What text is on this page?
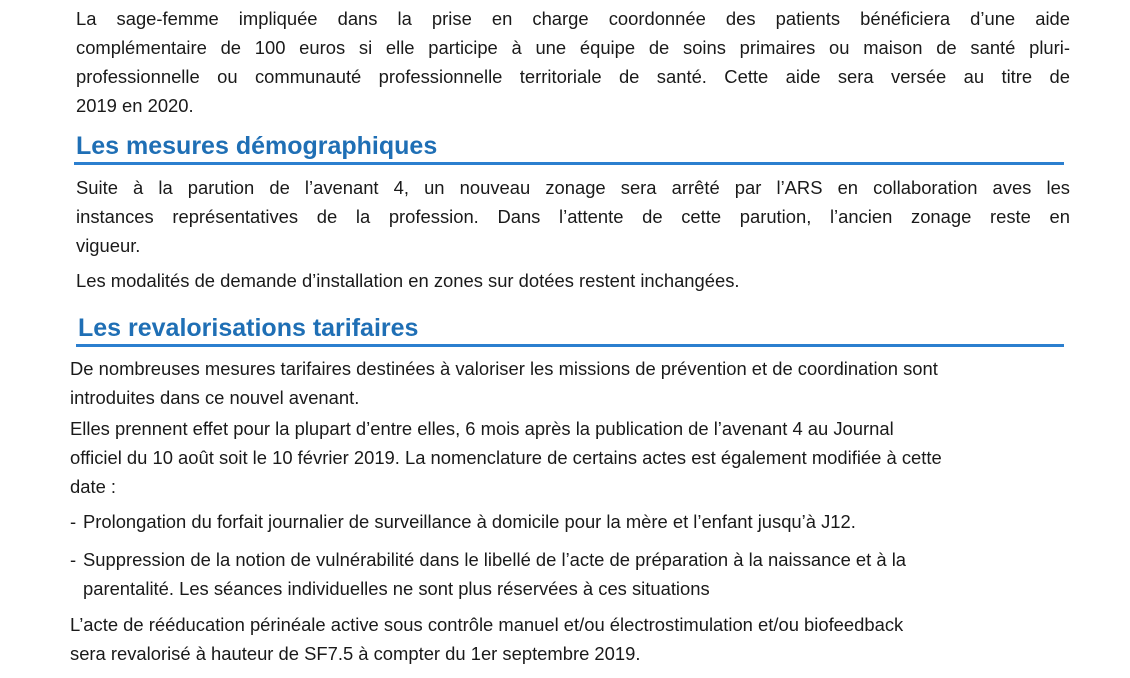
La sage-femme impliquée dans la prise en charge coordonnée des patients bénéficiera d’une aide
complémentaire de 100 euros si elle participe à une équipe de soins primaires ou maison de santé pluri-
professionnelle ou communauté professionnelle territoriale de santé. Cette aide sera versée au titre de
2019 en 2020.
Les mesures démographiques
Suite à la parution de l’avenant 4, un nouveau zonage sera arrêté par l’ARS en collaboration aves les
instances représentatives de la profession. Dans l’attente de cette parution, l’ancien zonage reste en
vigueur.
Les modalités de demande d’installation en zones sur dotées restent inchangées.
Les revalorisations tarifaires
De nombreuses mesures tarifaires destinées à valoriser les missions de prévention et de coordination sont
introduites dans ce nouvel avenant.
Elles prennent effet pour la plupart d’entre elles, 6 mois après la publication de l’avenant 4 au Journal
officiel du 10 août soit le 10 février 2019. La nomenclature de certains actes est également modifiée à cette
date :
- Prolongation du forfait journalier de surveillance à domicile pour la mère et l’enfant jusqu’à J12.
- Suppression de la notion de vulnérabilité dans le libellé de l’acte de préparation à la naissance et à la
parentalité. Les séances individuelles ne sont plus réservées à ces situations
L’acte de rééducation périnéale active sous contrôle manuel et/ou électrostimulation et/ou biofeedback
sera revalorisé à hauteur de SF7.5 à compter du 1er septembre 2019.
